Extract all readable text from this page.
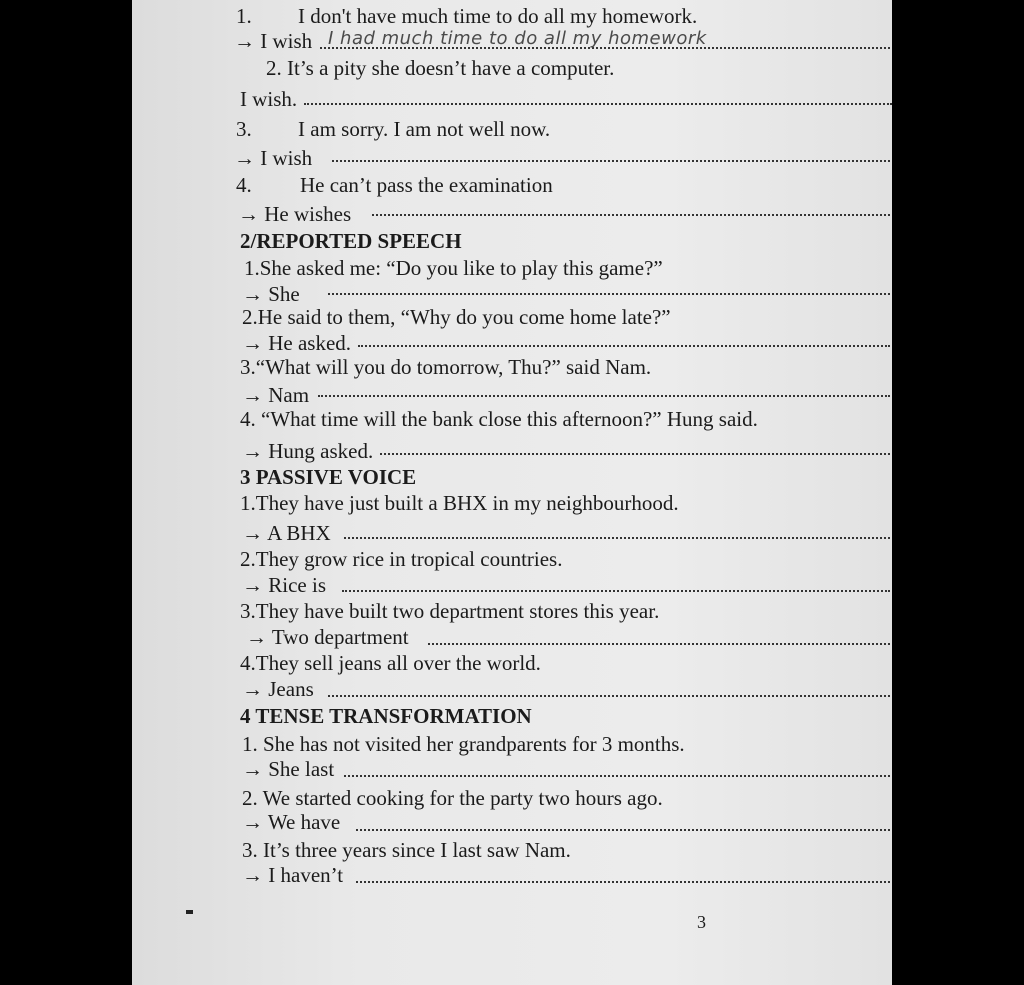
1. I don't have much time to do all my homework.
→ I wish I had much time to do all my homework
2. It’s a pity she doesn’t have a computer.
I wish.
3. I am sorry. I am not well now.
→ I wish
4. He can’t pass the examination
→ He wishes
2/REPORTED SPEECH
1.She asked me: “Do you like to play this game?”
→ She
2.He said to them, “Why do you come home late?”
→ He asked.
3.“What will you do tomorrow, Thu?” said Nam.
→ Nam
4. “What time will the bank close this afternoon?” Hung said.
→ Hung asked.
3 PASSIVE VOICE
1.They have just built a BHX in my neighbourhood.
→ A BHX
2.They grow rice in tropical countries.
→ Rice is
3.They have built two department stores this year.
→ Two department
4.They sell jeans all over the world.
→ Jeans
4 TENSE TRANSFORMATION
1. She has not visited her grandparents for 3 months.
→ She last
2. We started cooking for the party two hours ago.
→ We have
3. It’s three years since I last saw Nam.
→ I haven’t
3
